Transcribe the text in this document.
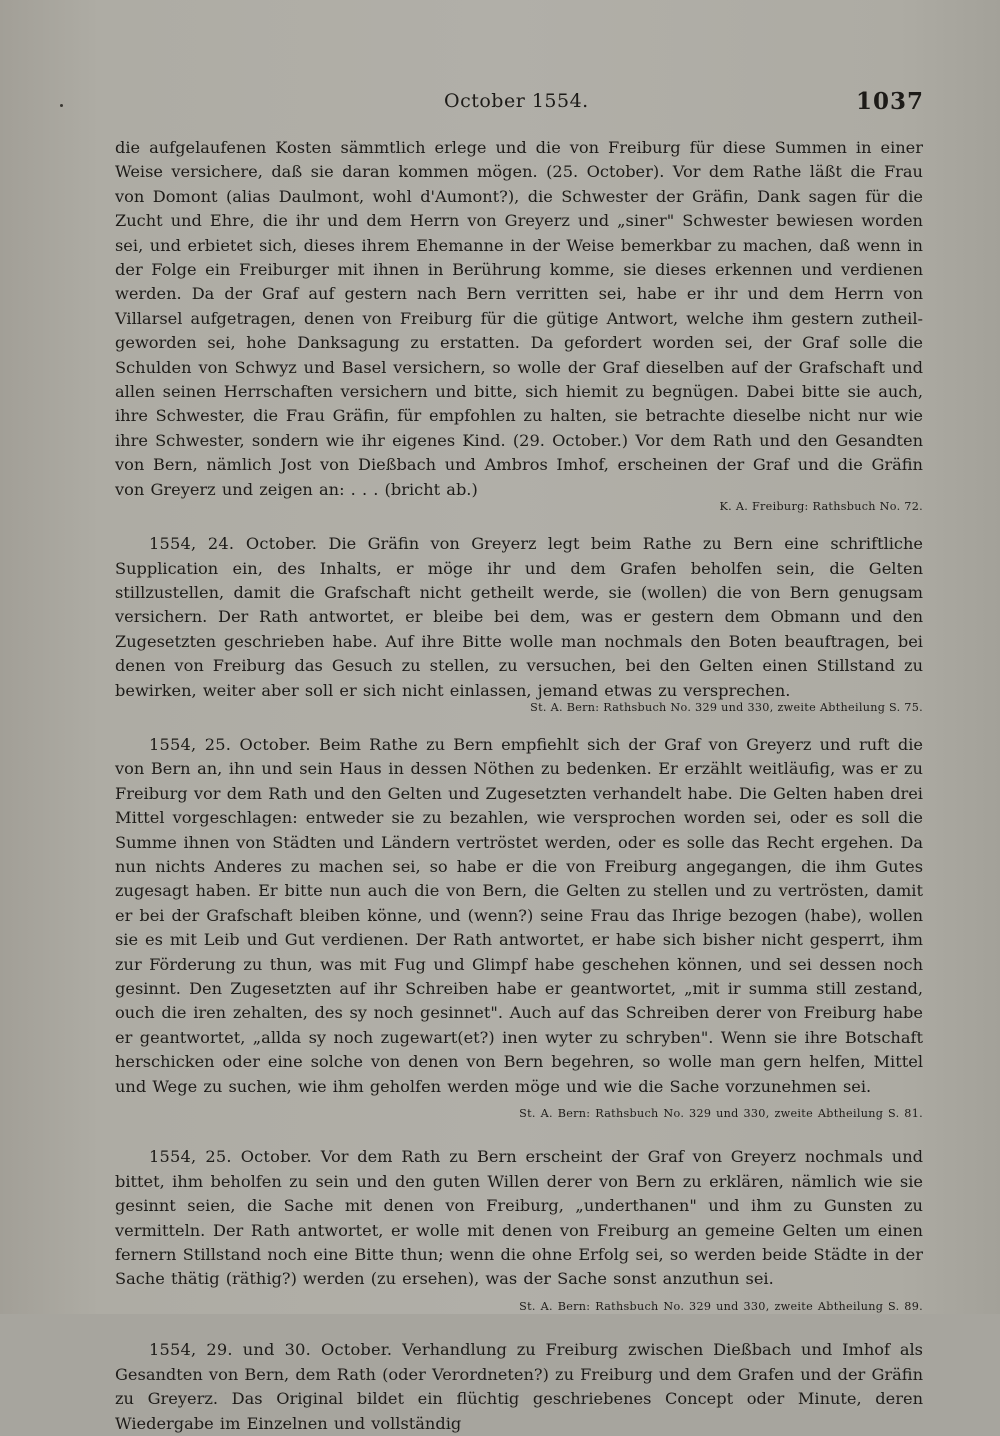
October 1554.	1037

die aufgelaufenen Kosten sämmtlich erlege und die von Freiburg für diese Summen in einer Weise versichere, daß sie daran kommen mögen. (25. October). Vor dem Rathe läßt die Frau von Domont (alias Daulmont, wohl d'Aumont?), die Schwester der Gräfin, Dank sagen für die Zucht und Ehre, die ihr und dem Herrn von Greyerz und „siner" Schwester bewiesen worden sei, und erbietet sich, dieses ihrem Ehemanne in der Weise bemerkbar zu machen, daß wenn in der Folge ein Freiburger mit ihnen in Berührung komme, sie dieses erkennen und verdienen werden. Da der Graf auf gestern nach Bern verritten sei, habe er ihr und dem Herrn von Villarsel aufgetragen, denen von Freiburg für die gütige Antwort, welche ihm gestern zutheil-geworden sei, hohe Danksagung zu erstatten. Da gefordert worden sei, der Graf solle die Schulden von Schwyz und Basel versichern, so wolle der Graf dieselben auf der Grafschaft und allen seinen Herrschaften versichern und bitte, sich hiemit zu begnügen. Dabei bitte sie auch, ihre Schwester, die Frau Gräfin, für empfohlen zu halten, sie betrachte dieselbe nicht nur wie ihre Schwester, sondern wie ihr eigenes Kind. (29. October.) Vor dem Rath und den Gesandten von Bern, nämlich Jost von Dießbach und Ambros Imhof, erscheinen der Graf und die Gräfin von Greyerz und zeigen an: . . . (bricht ab.)

K. A. Freiburg: Rathsbuch No. 72.

1554, 24. October. Die Gräfin von Greyerz legt beim Rathe zu Bern eine schriftliche Supplication ein, des Inhalts, er möge ihr und dem Grafen beholfen sein, die Gelten stillzustellen, damit die Grafschaft nicht getheilt werde, sie (wollen) die von Bern genugsam versichern. Der Rath antwortet, er bleibe bei dem, was er gestern dem Obmann und den Zugesetzten geschrieben habe. Auf ihre Bitte wolle man nochmals den Boten beauftragen, bei denen von Freiburg das Gesuch zu stellen, zu versuchen, bei den Gelten einen Stillstand zu bewirken, weiter aber soll er sich nicht einlassen, jemand etwas zu versprechen.

St. A. Bern: Rathsbuch No. 329 und 330, zweite Abtheilung S. 75.

1554, 25. October. Beim Rathe zu Bern empfiehlt sich der Graf von Greyerz und ruft die von Bern an, ihn und sein Haus in dessen Nöthen zu bedenken. Er erzählt weitläufig, was er zu Freiburg vor dem Rath und den Gelten und Zugesetzten verhandelt habe. Die Gelten haben drei Mittel vorgeschlagen: entweder sie zu bezahlen, wie versprochen worden sei, oder es soll die Summe ihnen von Städten und Ländern vertröstet werden, oder es solle das Recht ergehen. Da nun nichts Anderes zu machen sei, so habe er die von Freiburg angegangen, die ihm Gutes zugesagt haben. Er bitte nun auch die von Bern, die Gelten zu stellen und zu vertrösten, damit er bei der Grafschaft bleiben könne, und (wenn?) seine Frau das Ihrige bezogen (habe), wollen sie es mit Leib und Gut verdienen. Der Rath antwortet, er habe sich bisher nicht gesperrt, ihm zur Förderung zu thun, was mit Fug und Glimpf habe geschehen können, und sei dessen noch gesinnt. Den Zugesetzten auf ihr Schreiben habe er geantwortet, „mit ir summa still zestand, ouch die iren zehalten, des sy noch gesinnet". Auch auf das Schreiben derer von Freiburg habe er geantwortet, „allda sy noch zugewart(et?) inen wyter zu schryben". Wenn sie ihre Botschaft herschicken oder eine solche von denen von Bern begehren, so wolle man gern helfen, Mittel und Wege zu suchen, wie ihm geholfen werden möge und wie die Sache vorzunehmen sei.
St. A. Bern: Rathsbuch No. 329 und 330, zweite Abtheilung S. 81.

1554, 25. October. Vor dem Rath zu Bern erscheint der Graf von Greyerz nochmals und bittet, ihm beholfen zu sein und den guten Willen derer von Bern zu erklären, nämlich wie sie gesinnt seien, die Sache mit denen von Freiburg, „underthanen" und ihm zu Gunsten zu vermitteln. Der Rath antwortet, er wolle mit denen von Freiburg an gemeine Gelten um einen fernern Stillstand noch eine Bitte thun; wenn die ohne Erfolg sei, so werden beide Städte in der Sache thätig (räthig?) werden (zu ersehen), was der Sache sonst anzuthun sei.
St. A. Bern: Rathsbuch No. 329 und 330, zweite Abtheilung S. 89.

1554, 29. und 30. October. Verhandlung zu Freiburg zwischen Dießbach und Imhof als Gesandten von Bern, dem Rath (oder Verordneten?) zu Freiburg und dem Grafen und der Gräfin zu Greyerz. Das Original bildet ein flüchtig geschriebenes Concept oder Minute, deren Wiedergabe im Einzelnen und vollständig
